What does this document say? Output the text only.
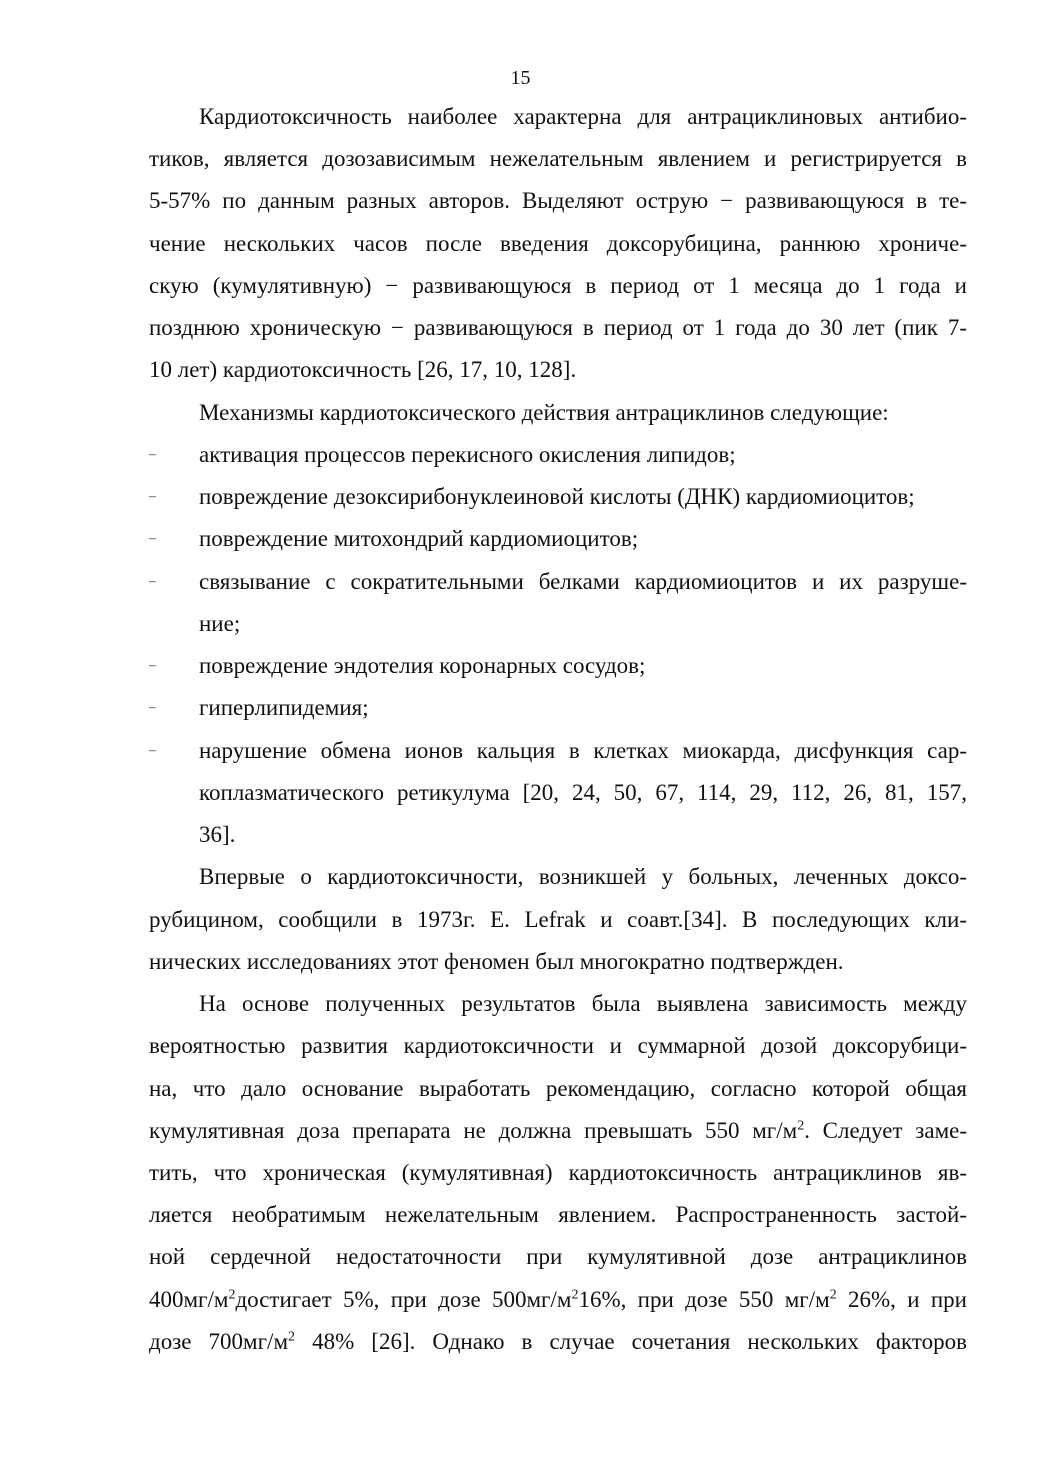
15
Кардиотоксичность наиболее характерна для антрациклиновых антибио-
тиков, является дозозависимым нежелательным явлением и регистрируется в
5-57% по данным разных авторов. Выделяют острую − развивающуюся в те-
чение нескольких часов после введения доксорубицина, раннюю хрониче-
скую (кумулятивную) − развивающуюся в период от 1 месяца до 1 года и
позднюю хроническую − развивающуюся в период от 1 года до 30 лет (пик 7-
10 лет) кардиотоксичность [26, 17, 10, 128].
Механизмы кардиотоксического действия антрациклинов следующие:
–	активация процессов перекисного окисления липидов;
–	повреждение дезоксирибонуклеиновой кислоты (ДНК) кардиомиоцитов;
–	повреждение митохондрий кардиомиоцитов;
–	связывание с сократительными белками кардиомиоцитов и их разруше-
ние;
–	повреждение эндотелия коронарных сосудов;
–	гиперлипидемия;
–	нарушение обмена ионов кальция в клетках миокарда, дисфункция сар-
коплазматического ретикулума [20, 24, 50, 67, 114, 29, 112, 26, 81, 157,
36].
Впервые о кардиотоксичности, возникшей у больных, леченных доксо-
рубицином, сообщили в 1973г. E. Lefrak и соавт.[34]. В последующих кли-
нических исследованиях этот феномен был многократно подтвержден.
На основе полученных результатов была выявлена зависимость между
вероятностью развития кардиотоксичности и суммарной дозой доксорубици-
на, что дало основание выработать рекомендацию, согласно которой общая
кумулятивная доза препарата не должна превышать 550 $мг/м^2$. Следует заме-
тить, что хроническая (кумулятивная) кардиотоксичность антрациклинов яв-
ляется необратимым нежелательным явлением. Распространенность застой-
ной сердечной недостаточности при кумулятивной дозе антрациклинов
$400мг/м^2достигает$ 5%, при дозе $500мг/м^216\%$, при дозе 550 $мг/м^2$ 26%, и при
дозе $700мг/м^2$ 48% [26]. Однако в случае сочетания нескольких факторов
